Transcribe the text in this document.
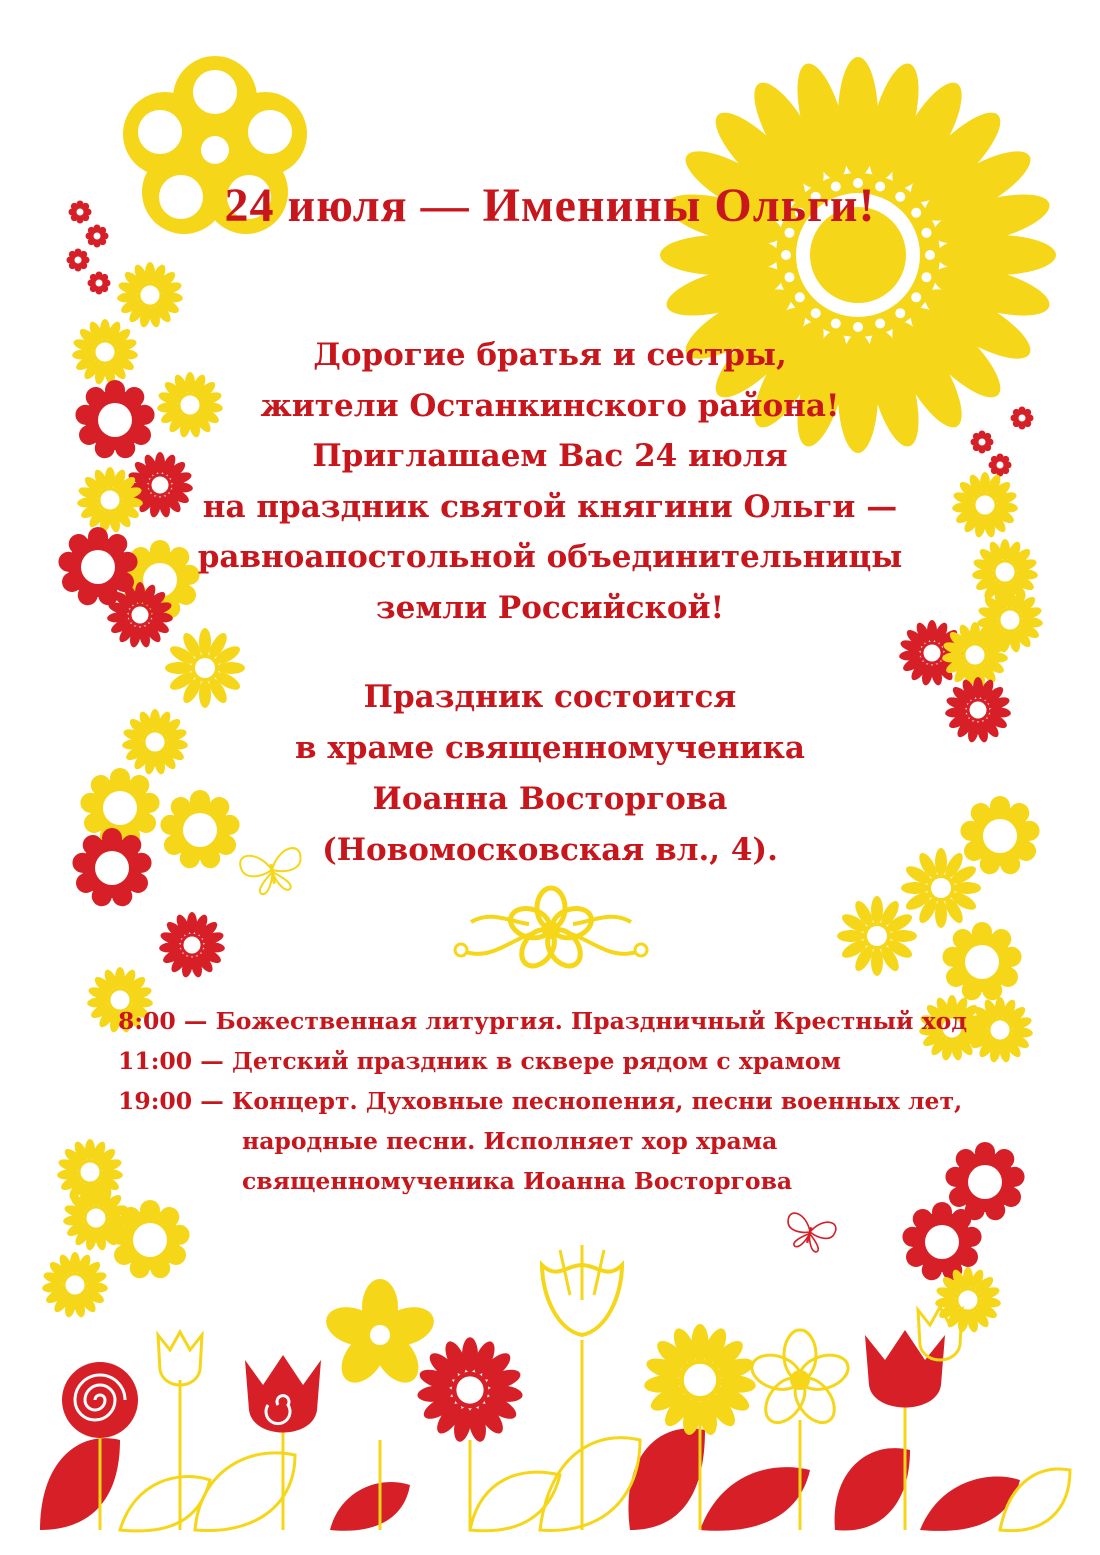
24 июля — Именины Ольги!
Дорогие братья и сестры,
жители Останкинского района!
Приглашаем Вас 24 июля
на праздник святой княгини Ольги —
равноапостольной объединительницы
земли Российской!
Праздник состоится
в храме священномученика
Иоанна Восторгова
(Новомосковская вл., 4).
8:00 — Божественная литургия. Праздничный Крестный ход
11:00 — Детский праздник в сквере рядом с храмом
19:00 — Концерт. Духовные песнопения, песни военных лет,
народные песни. Исполняет хор храма
священномученика Иоанна Восторгова
